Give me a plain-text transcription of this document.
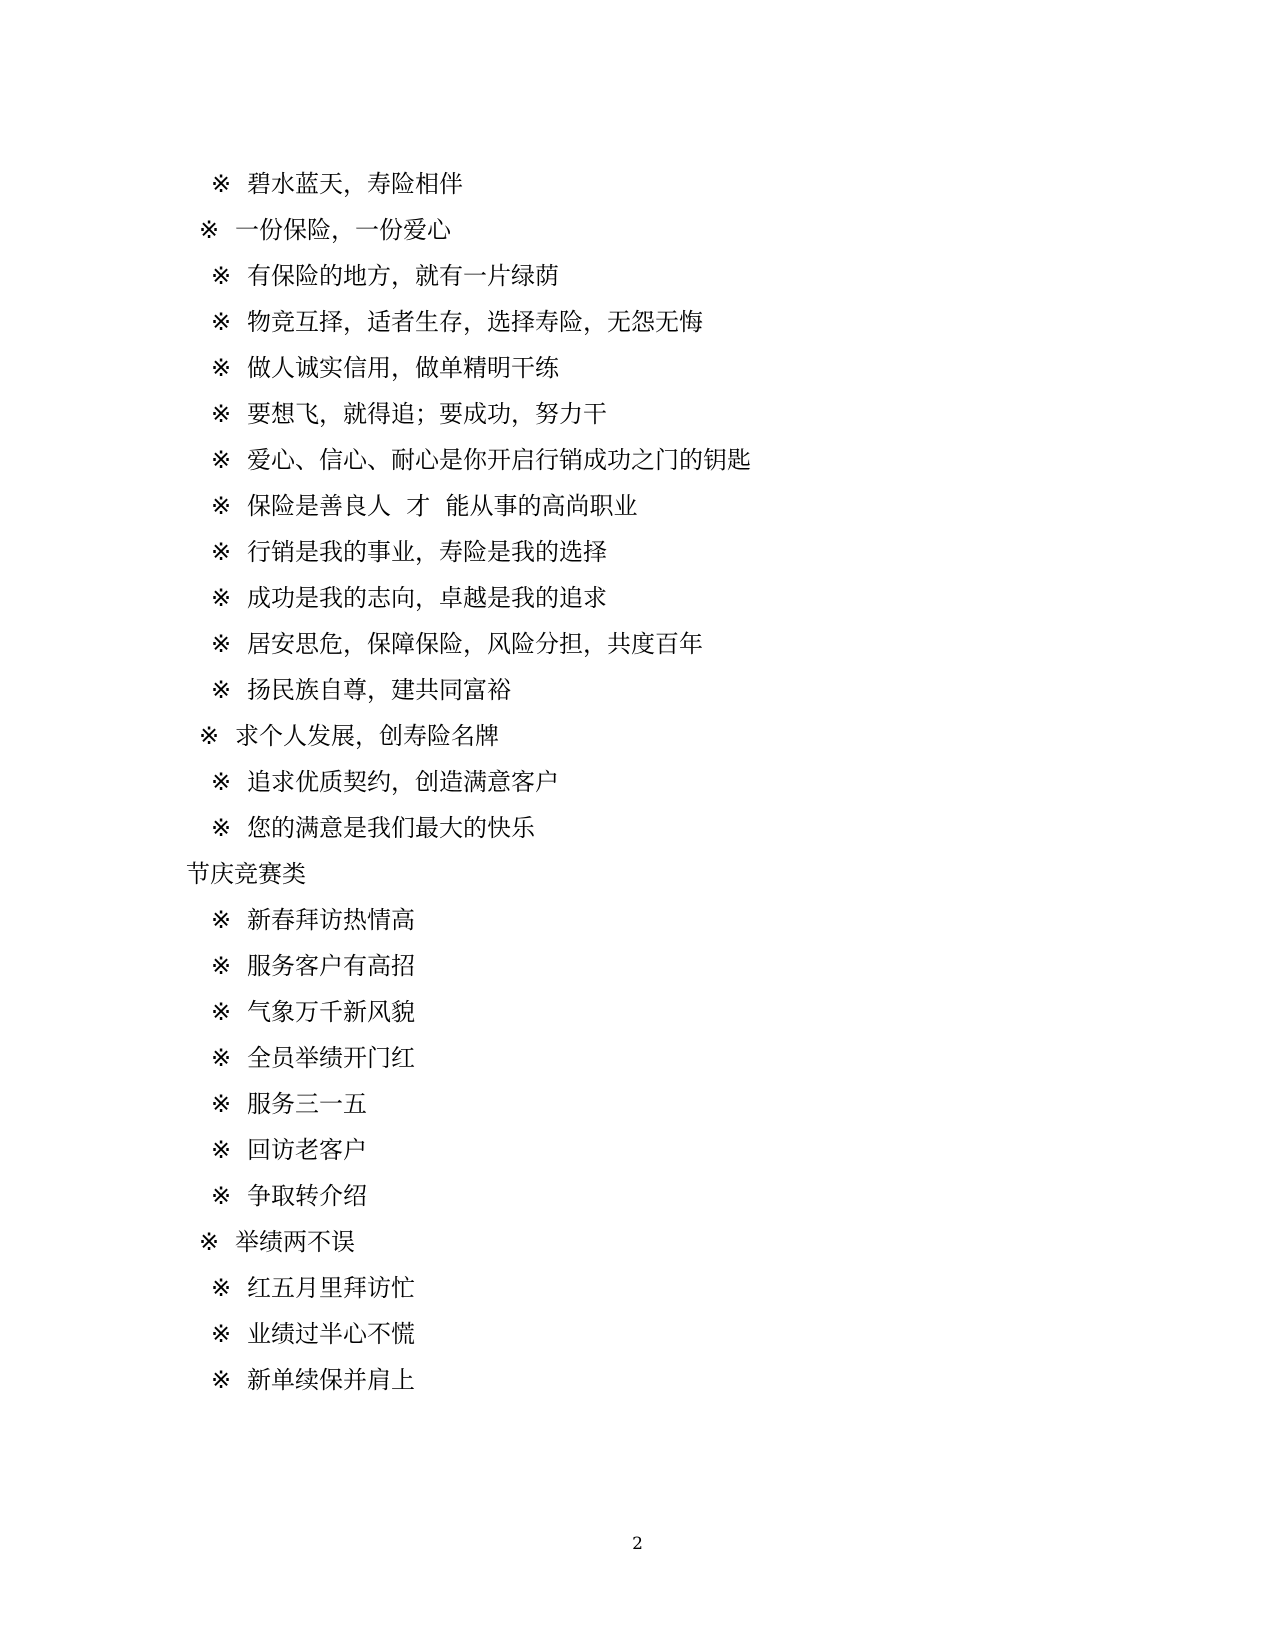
※ 碧水蓝天，寿险相伴
※ 一份保险，一份爱心
※ 有保险的地方，就有一片绿荫
※ 物竞互择，适者生存，选择寿险，无怨无悔
※ 做人诚实信用，做单精明干练
※ 要想飞，就得追；要成功，努力干
※ 爱心、信心、耐心是你开启行销成功之门的钥匙
※ 保险是善良人  才  能从事的高尚职业
※ 行销是我的事业，寿险是我的选择
※ 成功是我的志向，卓越是我的追求
※ 居安思危，保障保险，风险分担，共度百年
※ 扬民族自尊，建共同富裕
※ 求个人发展，创寿险名牌
※ 追求优质契约，创造满意客户
※ 您的满意是我们最大的快乐
节庆竞赛类
※ 新春拜访热情高
※ 服务客户有高招
※ 气象万千新风貌
※ 全员举绩开门红
※ 服务三一五
※ 回访老客户
※ 争取转介绍
※ 举绩两不误
※ 红五月里拜访忙
※ 业绩过半心不慌
※ 新单续保并肩上
2
